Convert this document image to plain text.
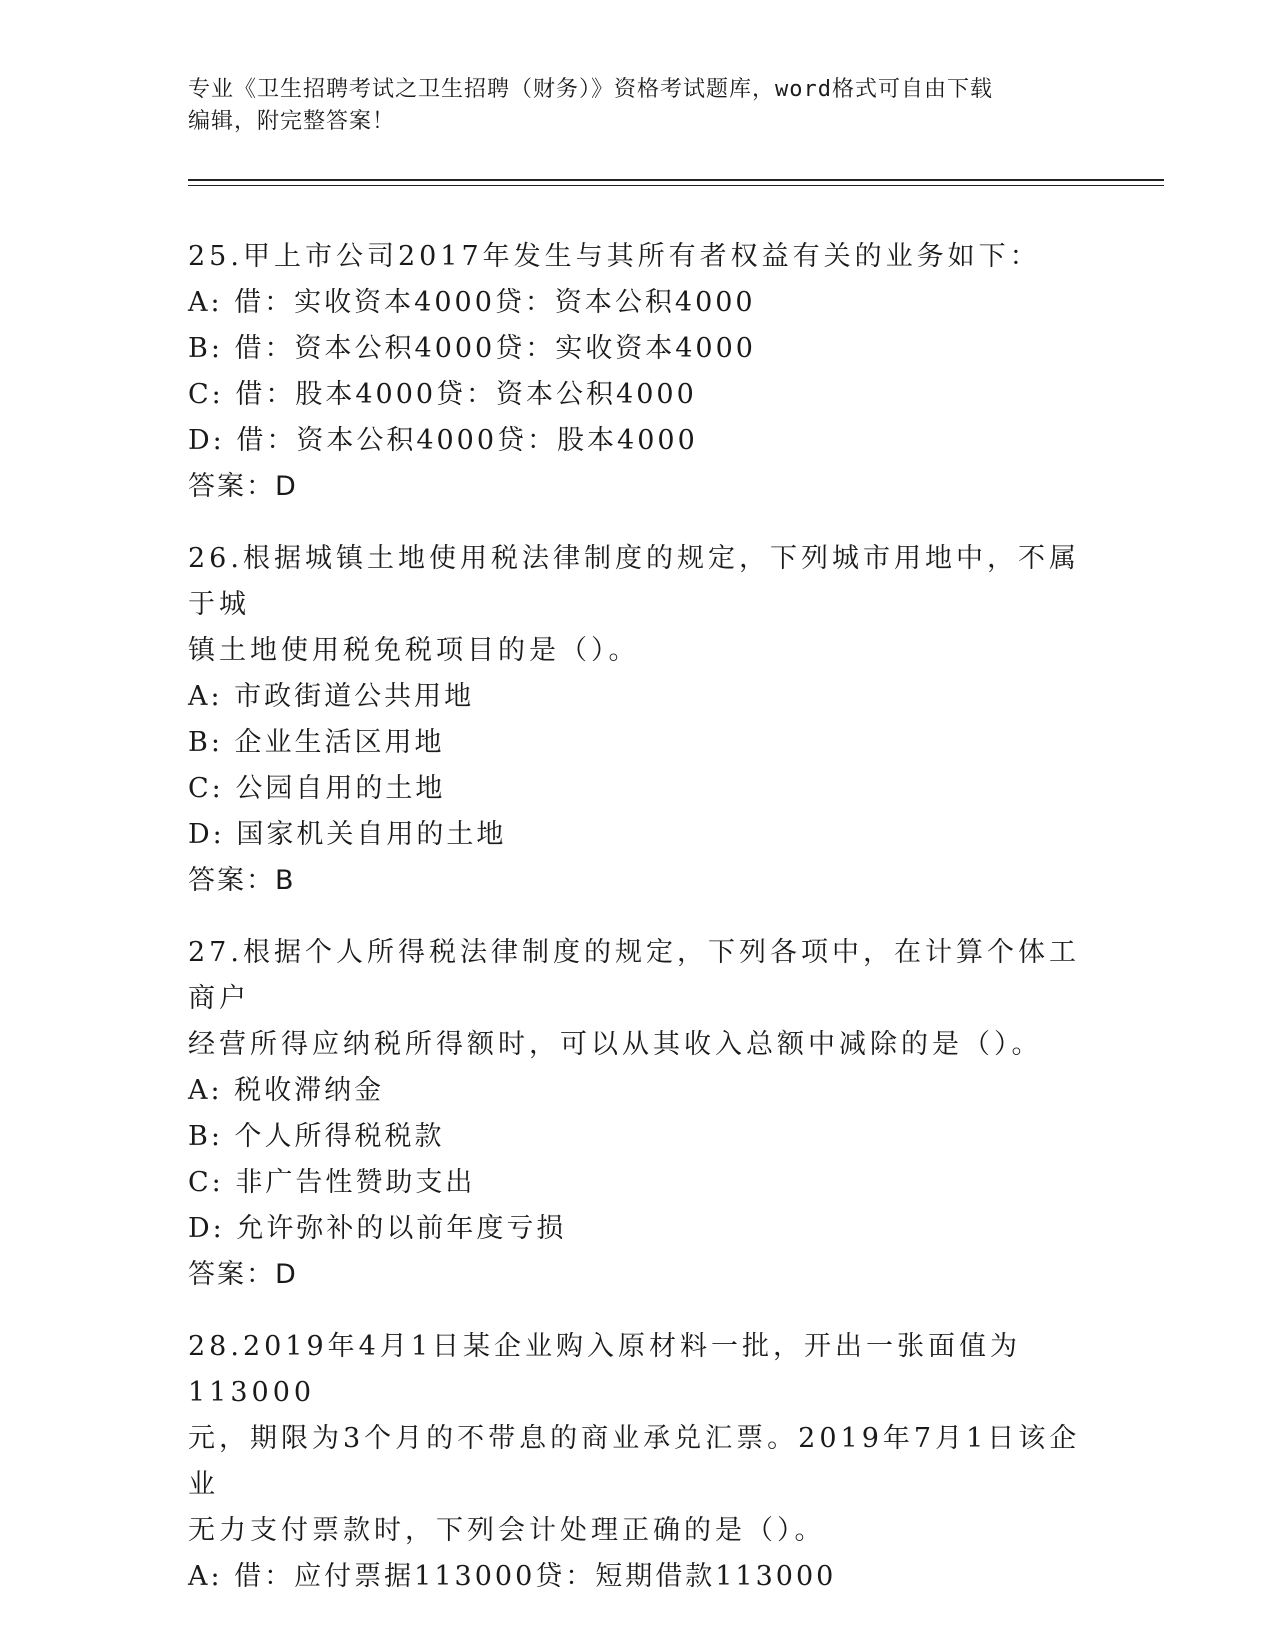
专业《卫生招聘考试之卫生招聘（财务）》资格考试题库，word格式可自由下载
编辑，附完整答案！
25.甲上市公司2017年发生与其所有者权益有关的业务如下：
A: 借：实收资本4000贷：资本公积4000
B: 借：资本公积4000贷：实收资本4000
C: 借：股本4000贷：资本公积4000
D: 借：资本公积4000贷：股本4000
答案：D
26.根据城镇土地使用税法律制度的规定，下列城市用地中，不属于城
镇土地使用税免税项目的是（）。
A: 市政街道公共用地
B: 企业生活区用地
C: 公园自用的土地
D: 国家机关自用的土地
答案：B
27.根据个人所得税法律制度的规定，下列各项中，在计算个体工商户
经营所得应纳税所得额时，可以从其收入总额中减除的是（）。
A: 税收滞纳金
B: 个人所得税税款
C: 非广告性赞助支出
D: 允许弥补的以前年度亏损
答案：D
28.2019年4月1日某企业购入原材料一批，开出一张面值为113000
元，期限为3个月的不带息的商业承兑汇票。2019年7月1日该企业
无力支付票款时，下列会计处理正确的是（）。
A: 借：应付票据113000贷：短期借款113000
